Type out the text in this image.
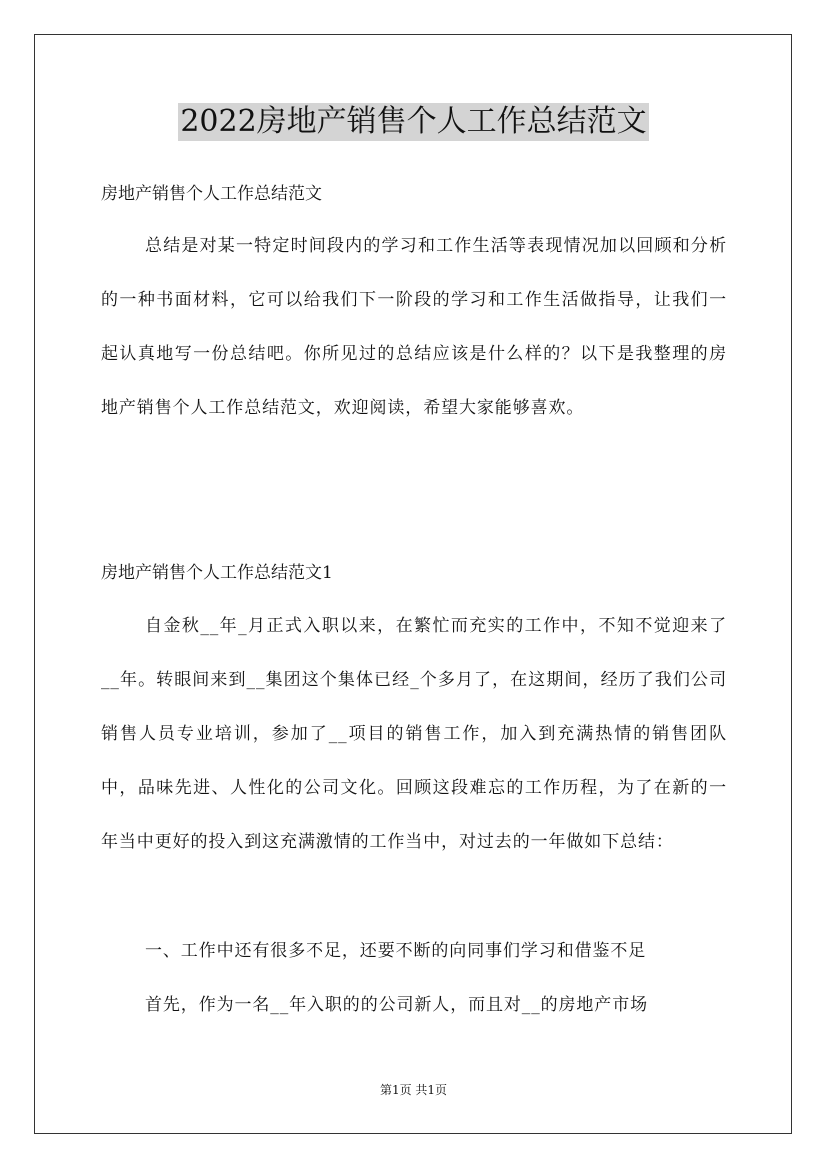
2022房地产销售个人工作总结范文
房地产销售个人工作总结范文

总结是对某一特定时间段内的学习和工作生活等表现情况加以回顾和分析的一种书面材料，它可以给我们下一阶段的学习和工作生活做指导，让我们一起认真地写一份总结吧。你所见过的总结应该是什么样的？以下是我整理的房地产销售个人工作总结范文，欢迎阅读，希望大家能够喜欢。

房地产销售个人工作总结范文1

自金秋__年_月正式入职以来，在繁忙而充实的工作中，不知不觉迎来了__年。转眼间来到__集团这个集体已经_个多月了，在这期间，经历了我们公司销售人员专业培训，参加了__项目的销售工作，加入到充满热情的销售团队中，品味先进、人性化的公司文化。回顾这段难忘的工作历程，为了在新的一年当中更好的投入到这充满激情的工作当中，对过去的一年做如下总结：

一、工作中还有很多不足，还要不断的向同事们学习和借鉴不足
首先，作为一名__年入职的的公司新人，而且对__的房地产市场
第1页 共1页
